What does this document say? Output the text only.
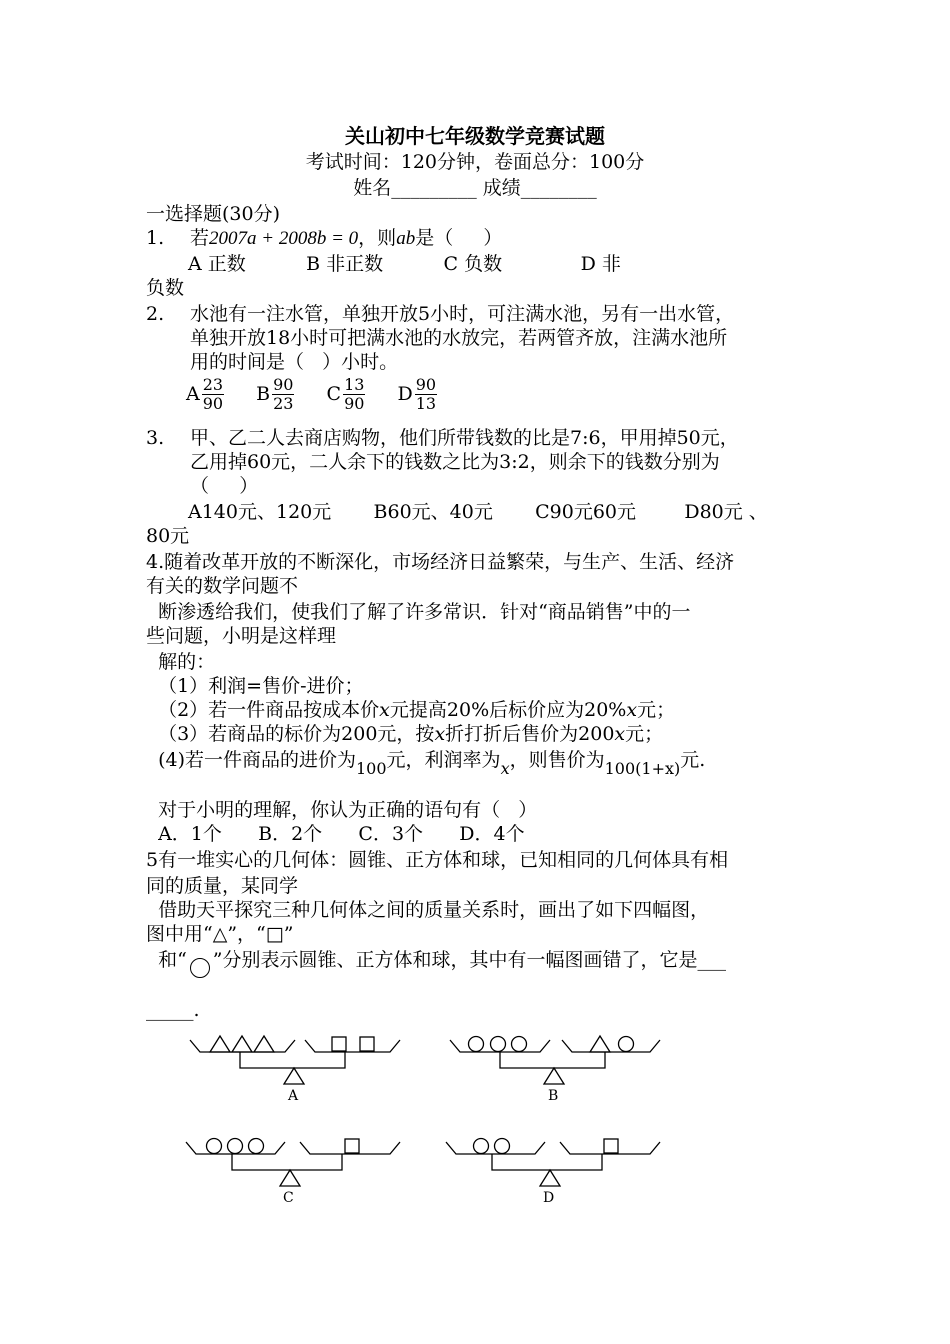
关山初中七年级数学竞赛试题
考试时间：120分钟，卷面总分：100分
姓名_________ 成绩________
一选择题(30分)
1. 若2007a + 2008b = 0，则ab是（     ）
A 正数          B 非正数          C 负数             D 非
负数
2. 水池有一注水管，单独开放5小时，可注满水池，另有一出水管，
单独开放18小时可把满水池的水放完，若两管齐放，注满水池所
用的时间是（   ）小时。
A $\frac{23}{90}$ B $\frac{90}{23}$ C $\frac{13}{90}$ D $\frac{90}{13}$
3. 甲、乙二人去商店购物，他们所带钱数的比是7:6，甲用掉50元，
乙用掉60元，二人余下的钱数之比为3:2，则余下的钱数分别为
（     ）
A140元、120元       B60元、40元       C90元60元        D80元 、
80元
4.随着改革开放的不断深化，市场经济日益繁荣，与生产、生活、经济
有关的数学问题不
断渗透给我们，使我们了解了许多常识．针对“商品销售”中的一
些问题，小明是这样理
解的：
（1）利润=售价-进价；
（2）若一件商品按成本价x元提高20%后标价应为20%x元；
（3）若商品的标价为200元，按x折打折后售价为200x元；
(4)若一件商品的进价为$_{100}$元，利润率为$_x$，则售价为$_{100(1+x)}$元.
对于小明的理解，你认为正确的语句有（   ）
A．1个      B．2个      C．3个      D．4个
5有一堆实心的几何体：圆锥、正方体和球，已知相同的几何体具有相
同的质量，某同学
借助天平探究三种几何体之间的质量关系时，画出了如下四幅图，
图中用“△”，“□”
和“ ”分别表示圆锥、正方体和球，其中有一幅图画错了，它是___
_____.
A	B
C	D
